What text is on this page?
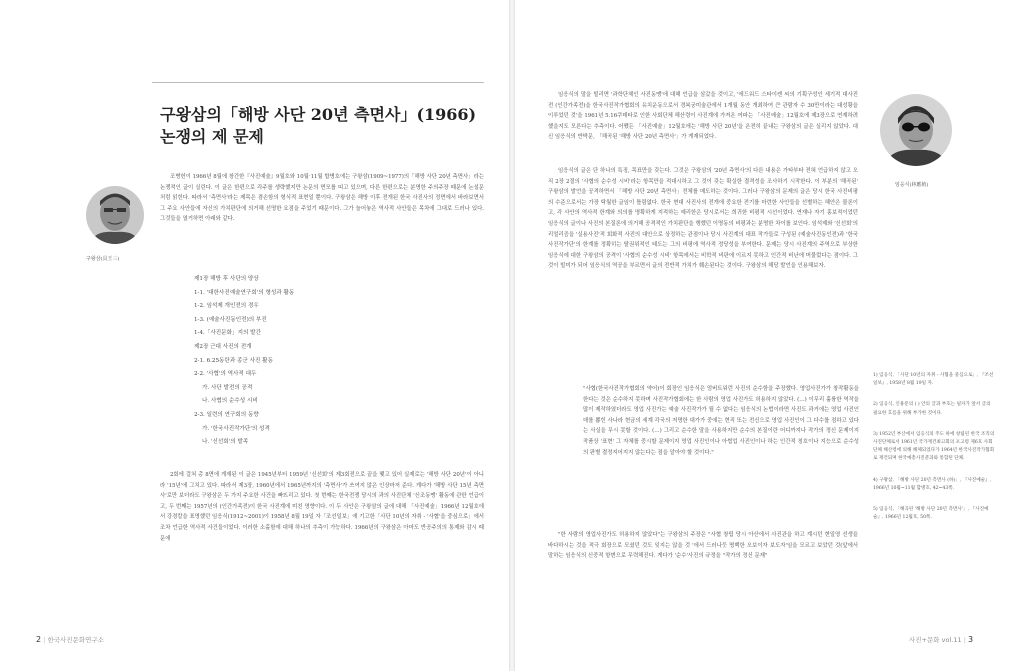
구왕삼의「해방 사단 20년 측면사」(1966) 논쟁의 제 문제
구왕삼(具王三)

조병헌이 1966년 8월에 창간한『사진예술』9월호와 10월·11월 합병호에는 구왕삼(1909~1977)의「해방 사단 20년 측면사」라는 논쟁적인 글이 실린다. 이 글은 한편으로 각주를 생략했지만 논문의 면모를 띠고 있으며, 다른 한편으로는 분명한 주의주장 때문에 논설문처럼 읽힌다. 따라서 '측면사'라는 제목은 겸손함의 형식적 표현일 뿐이다. 구왕삼은 해방 이후 전개된 한국 사진사의 정면에서 바라보면서 그 주요 사안들에 자신의 가치판단에 의거해 선명한 요점을 주었기 때문이다. 그가 늘어놓은 역사적 사안들은 목차에 그대로 드러나 있다. 그것들을 열거하면 아래와 같다.

제1장 해방 후 사단의 양상
1-1. '대한사진예술연구회'의 형성과 활동
1-2. 임석제 개인전의 경우
1-3. (예술사진동인전)의 부진
1-4.「사진문화」지의 발간
제2장 근대 사진의 전개
2-1. 6.25동란과 종군 사진 활동
2-2. '사협'의 역사적 대두
가. 사단 발전의 공적
나. 사협의 순수성 시비
2-3. 일련의 연구회의 동향
가. '한국사진작가단'의 성격
나. '신선회'의 발족

2회에 걸쳐 총 8면에 게재된 이 글은 1945년부터 1959년 '신선회'의 제3회전으로 끝을 맺고 있어 실제로는 '해방 사단 20년'이 아니라 '15년'에 그치고 있다. 따라서 제3장, 1960년에서 1965년까지의 '측면사'가 쓰여지 않은 인상마저 준다. 게다가 '해방 사단 15년 측면사'로만 보더라도 구왕삼은 두 가지 주요한 사건을 빠뜨리고 있다. 첫 번째는 한국전쟁 당시의 과의 사진단체 '신조동맹' 활동에 관한 언급이고, 두 번째는 1957년의 (인간가족전)이 한국 사진계에 미친 영향이다. 이 두 사안은 구왕삼의 글에 대해 「사진예술」1966년 12월호에서 강경칼을 표명했던 임응식(1912~2001)이 1958년 8월 19일 자「조선일보」에 기고한「사단 10년의 자취 - '사협'을 중심으로」에서 조차 언급한 역사적 사건들이었다. 이러한 소홀함에 대해 하나의 추측이 가능하다. 1966년의 구왕삼은 아마도 반공주의의 통제와 감시 때문에

2 | 한국사진문화연구소

임응식의 말을 빌리면 '과학단체인 사진동맹'에 대해 언급을 삼갔을 것이고, '에드워드 스타이켄 씨의 기획구성인 세기적 대사진전 (인간가족전)을 한국사진작가협회의 유치운동으로서 경복궁미술관에서 1개월 동안 개최하여 큰 관람자 수 30만이라는 대성황을 이루었던 것'을 1961년 5.16쿠데타로 인한 사회단체 해산령이 사진계에 가져온 여파는 「사진예술」12월호에 제3장으로 연재하려 했을지도 모른다는 추측이다. 어쨌든 「사진예술」12월호에는 '해방 사단 20년'을 온전히 끝내는 구왕삼의 글은 실리지 않았다. 대신 임응식의 반박문, 「해곡된 '해방 사단 20년 측면사'」가 게재되었다.

임응식의 글은 단 하나의 특징, 목표만을 갖는다. 그것은 구왕삼의 '20년 측면사'의 다른 내용은 가타부타 전혀 언급하지 않고 오직 2장 2절의 '사협의 순수성 시비'라는 항목만을 적대시하고 그 것이 갖는 확실한 결격성을 조사하기 시작한다. 이 부분의 '해곡된' 구왕삼의 발언을 공격하면서 「해방 사단 20년 측면사」전체를 매도하는 것이다. 그러나 구왕삼의 문제의 글은 당시 한국 사진비평의 수준으로서는 가장 탁월한 글임이 틀림없다. 한국 현대 사진사의 전개에 중요한 전기를 마련한 사안들을 선별하는 혜안은 물론이고, 각 사안의 역사적 한계와 의의를 명확하게 지적하는 예리한은 당시로서는 희귀한 비평적 시선이었다. 연재나 자기 홍보적이었던 임응식의 글이나 사진의 본질론에 의거해 공격적인 가치판단을 행했던 이명동의 비평과는 분명한 차이를 보인다. 임석제와 '신선회'의 리얼리즘을 '실용사진'적 회화적 사진의 대안으로 상정하는 관점이나 당시 사진계의 대표 작가들로 구성된 (예술사진동인전)과 '한국사진작가단'의 한계를 정확히는 탈권위적인 태도는 그의 비평에 역사적 정당성을 부여한다. 문제는 당시 사진계의 주역으로 부상한 임응식에 대한 구왕삼의 공격이 '사협의 순수성 시비' 항목에서는 비학적 비판에 이르지 못하고 인간적 비난에 머물렀다는 점이다. 그것이 빌미가 되어 임응식의 역공을 부르면서 글의 전반적 가치가 훼손된다는 것이다. 구왕삼의 해당 발언을 인용해보자.

"사협(한국사진작가협회의 약어)이 회장인 임응식은 엄버트워런 사진의 순수함을 주장했다. 영업사진가가 창작활동을 한다는 것은 순수하지 못하며 사진작가협회에는 한 사람의 영업 사진가도 허용하지 않았다. (…) 이무리 훌륭한 역작을 많이 제작하였더라도 영업 사진가는 예술 사진작가가 될 수 없다는 임응식의 논법이라면 사진도 과거에는 영업 사진인데를 뽑힌 사나라 현금의 세계 각국의 저명한 대가가 중에는 현직 또는 전신으로 영업 사진인이 그 다수를 점하고 있다는 사실을 무시 못할 것이다. (…) 그리고 순수한 말을 사용하지만 순수의 본질이란 어디까지나 작가의 정신 문제이지 작품상 '표현' 그 자체를 중시할 문제이지 영업 사진인이나 아썹업 사진인이나 하는 인간적 칭호이나 지능으로 순수성의 판별 결정지어지지 않는다는 점을 알아야 할 것이다."

"한 사람의 영업사진가도 허용하지 않았다"는 구왕삼의 주장은 "사협 창립 당시 아산에서 사진관을 하고 계시던 현일영 선생을 바다하시는 것을 적극 회장으로 모셨던 것도 잊지는 않을 것 '에서 드러나듯 명백한 오보이자 보도자'임을 모르고 보았던 것(앞에서 말하는 임응식의 신중적 항변으로 무력해진다. 게다가 '순수'사진의 규정을 "작가의 정신 문제"

임응식(林應植)
1) 임응식, 「사단 10년의 자취 - 사협을 중심으로」, 『조선일보』, 1958년 8월 19일 자.
2) 임응식, 인용문의 ( ) 안의 글과 부호는 필자가 앞서 글의 필요한 흐름을 위해 부가한 것이다.
3) 1952년 부산에서 임응식의 주도 하에 창립된 한국 조직의 사진단체로서 1961년 국가재건최고회의 포고령 제6호 사회단체 해산령에 의해 해체되었다가 1964년 한국사진작가협회로 재건되며 한국예총사진분과와 통합된 단체.
4) 구왕삼, 「해방 사단 20년 측면사 (하)」, 『사진예술』, 1966년 10월~11월 합병호, 42~43쪽.
5) 임응식, 「해곡된 '해방 사단 20년 측면사'」, 『사진예술』, 1966년 12월호, 50쪽.
사진+문화 vol.11 | 3
